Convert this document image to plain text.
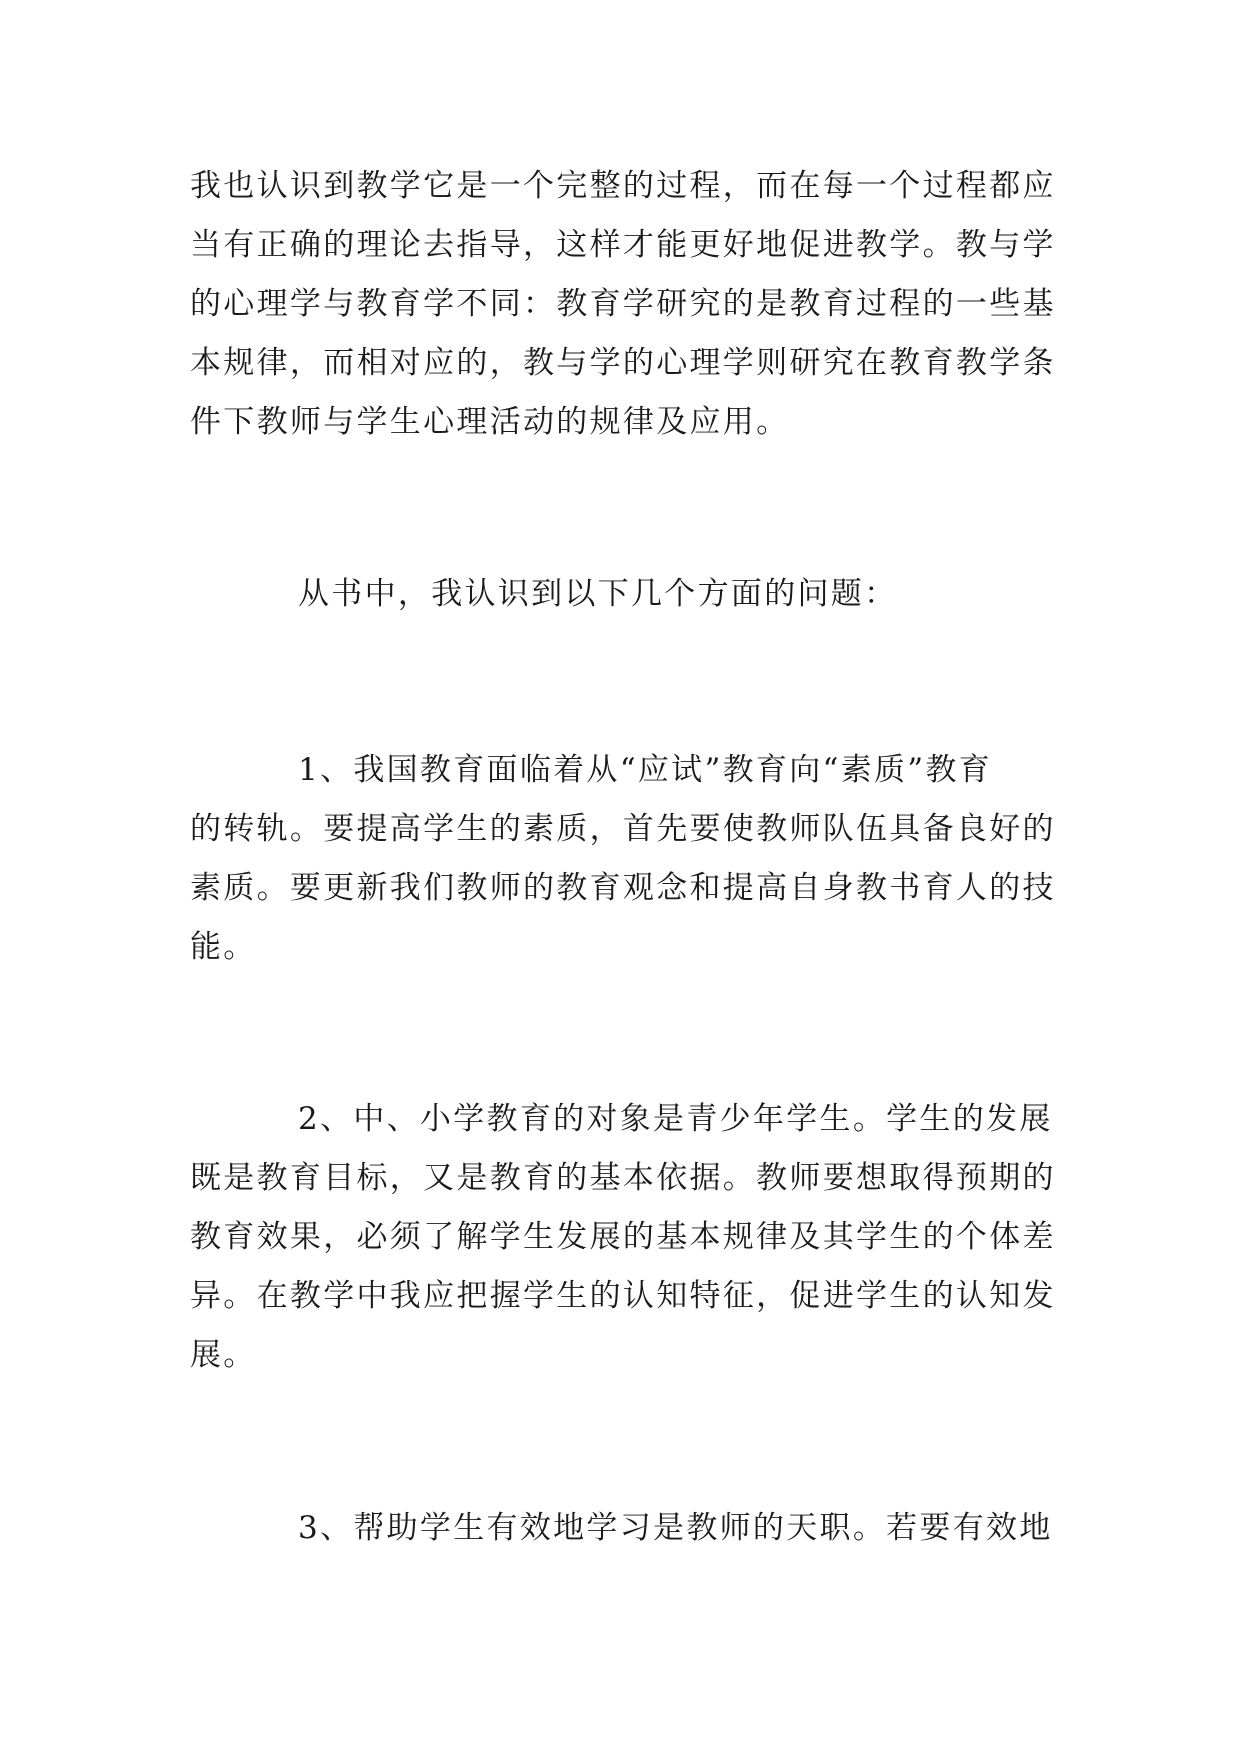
我也认识到教学它是一个完整的过程，而在每一个过程都应
当有正确的理论去指导，这样才能更好地促进教学。教与学
的心理学与教育学不同：教育学研究的是教育过程的一些基
本规律，而相对应的，教与学的心理学则研究在教育教学条
件下教师与学生心理活动的规律及应用。
从书中，我认识到以下几个方面的问题：
1、我国教育面临着从“应试”教育向“素质”教育
的转轨。要提高学生的素质，首先要使教师队伍具备良好的
素质。要更新我们教师的教育观念和提高自身教书育人的技
能。
2、中、小学教育的对象是青少年学生。学生的发展
既是教育目标，又是教育的基本依据。教师要想取得预期的
教育效果，必须了解学生发展的基本规律及其学生的个体差
异。在教学中我应把握学生的认知特征，促进学生的认知发
展。
3、帮助学生有效地学习是教师的天职。若要有效地
